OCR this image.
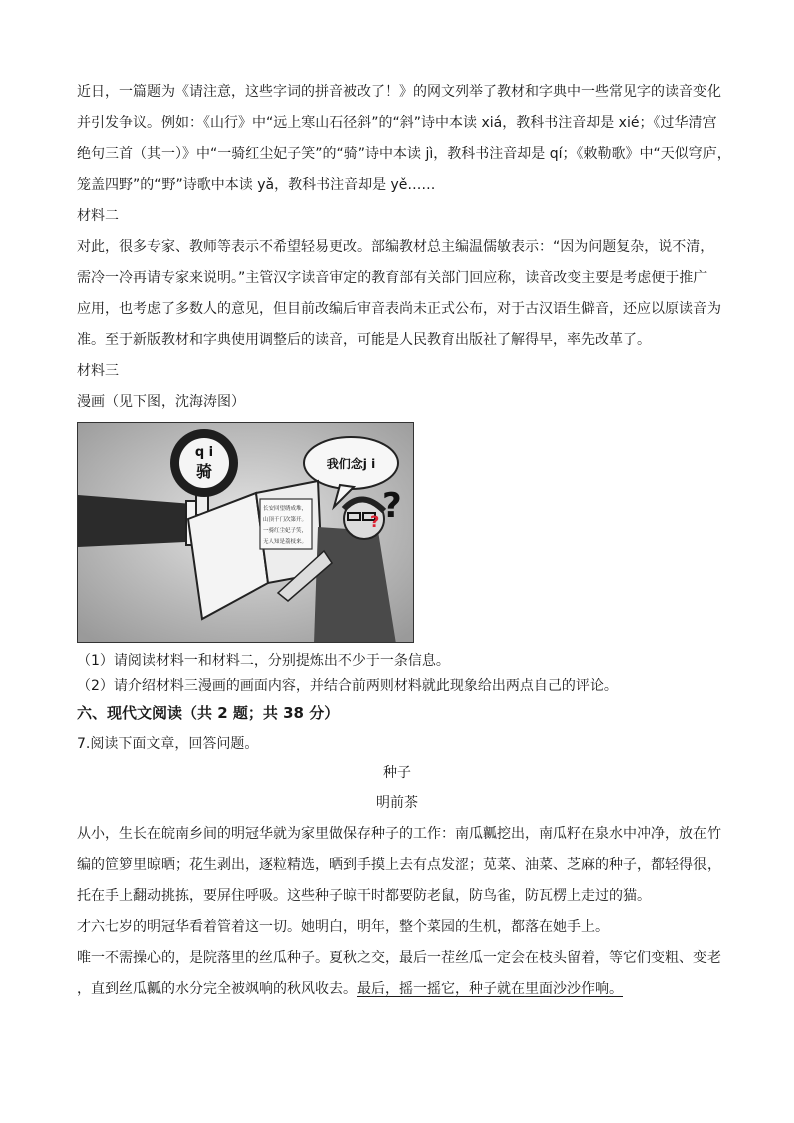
近日，一篇题为《请注意，这些字词的拼音被改了！》的网文列举了教材和字典中一些常见字的读音变化
并引发争议。例如：《山行》中“远上寒山石径斜”的“斜”诗中本读 xiá，教科书注音却是 xié；《过华清宫
绝句三首（其一）》中“一骑红尘妃子笑”的“骑”诗中本读 jì，教科书注音却是 qí；《敕勒歌》中“天似穹庐，
笼盖四野”的“野”诗歌中本读 yǎ，教科书注音却是 yě……
材料二
对此，很多专家、教师等表示不希望轻易更改。部编教材总主编温儒敏表示：“因为问题复杂，说不清，
需冷一冷再请专家来说明。”主管汉字读音审定的教育部有关部门回应称，读音改变主要是考虑便于推广
应用，也考虑了多数人的意见，但目前改编后审音表尚未正式公布，对于古汉语生僻音，还应以原读音为
准。至于新版教材和字典使用调整后的读音，可能是人民教育出版社了解得早，率先改革了。
材料三
漫画（见下图，沈海涛图）
q i
骑	我们念j i
长安回望绣成堆，
山顶千门次第开。
一骑红尘妃子笑，
无人知是荔枝来。
?
?
（1）请阅读材料一和材料二，分别提炼出不少于一条信息。
（2）请介绍材料三漫画的画面内容，并结合前两则材料就此现象给出两点自己的评论。
六、现代文阅读（共 2 题；共 38 分）
7.阅读下面文章，回答问题。
种子
明前茶
从小，生长在皖南乡间的明冠华就为家里做保存种子的工作：南瓜瓤挖出，南瓜籽在泉水中冲净，放在竹
编的笸箩里晾晒；花生剥出，逐粒精选，晒到手摸上去有点发涩；苋菜、油菜、芝麻的种子，都轻得很，
托在手上翻动挑拣，要屏住呼吸。这些种子晾干时都要防老鼠，防鸟雀，防瓦楞上走过的猫。
才六七岁的明冠华看着管着这一切。她明白，明年，整个菜园的生机，都落在她手上。
唯一不需操心的，是院落里的丝瓜种子。夏秋之交，最后一茬丝瓜一定会在枝头留着，等它们变粗、变老
，直到丝瓜瓤的水分完全被飒响的秋风收去。最后，摇一摇它，种子就在里面沙沙作响。
